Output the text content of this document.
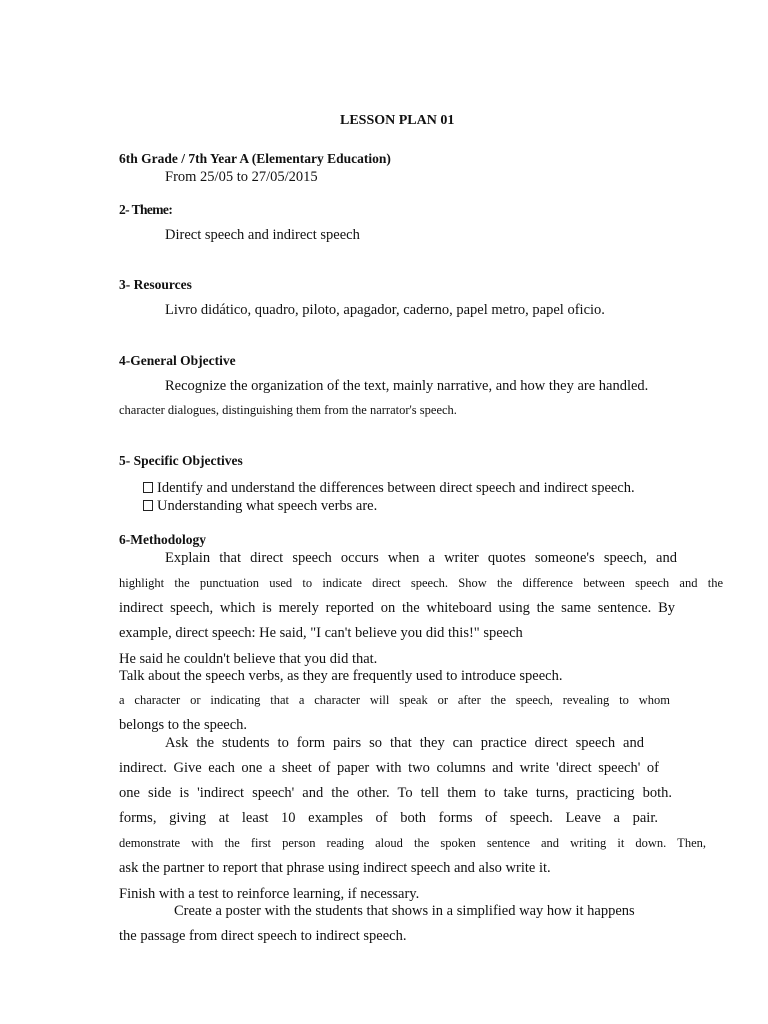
LESSON PLAN 01
6th Grade / 7th Year A (Elementary Education)
From 25/05 to 27/05/2015
2- Theme:
Direct speech and indirect speech
3- Resources
Livro didático, quadro, piloto, apagador, caderno, papel metro, papel oficio.
4-General Objective
Recognize the organization of the text, mainly narrative, and how they are handled.
character dialogues, distinguishing them from the narrator's speech.
5- Specific Objectives
Identify and understand the differences between direct speech and indirect speech.
Understanding what speech verbs are.
6-Methodology
Explain that direct speech occurs when a writer quotes someone's speech, and
highlight the punctuation used to indicate direct speech. Show the difference between speech and the
indirect speech, which is merely reported on the whiteboard using the same sentence. By
example, direct speech: He said, "I can't believe you did this!" speech
He said he couldn't believe that you did that.
Talk about the speech verbs, as they are frequently used to introduce speech.
a character or indicating that a character will speak or after the speech, revealing to whom
belongs to the speech.
Ask the students to form pairs so that they can practice direct speech and
indirect. Give each one a sheet of paper with two columns and write 'direct speech' of
one side is 'indirect speech' and the other. To tell them to take turns, practicing both.
forms, giving at least 10 examples of both forms of speech. Leave a pair.
demonstrate with the first person reading aloud the spoken sentence and writing it down. Then,
ask the partner to report that phrase using indirect speech and also write it.
Finish with a test to reinforce learning, if necessary.
Create a poster with the students that shows in a simplified way how it happens
the passage from direct speech to indirect speech.
